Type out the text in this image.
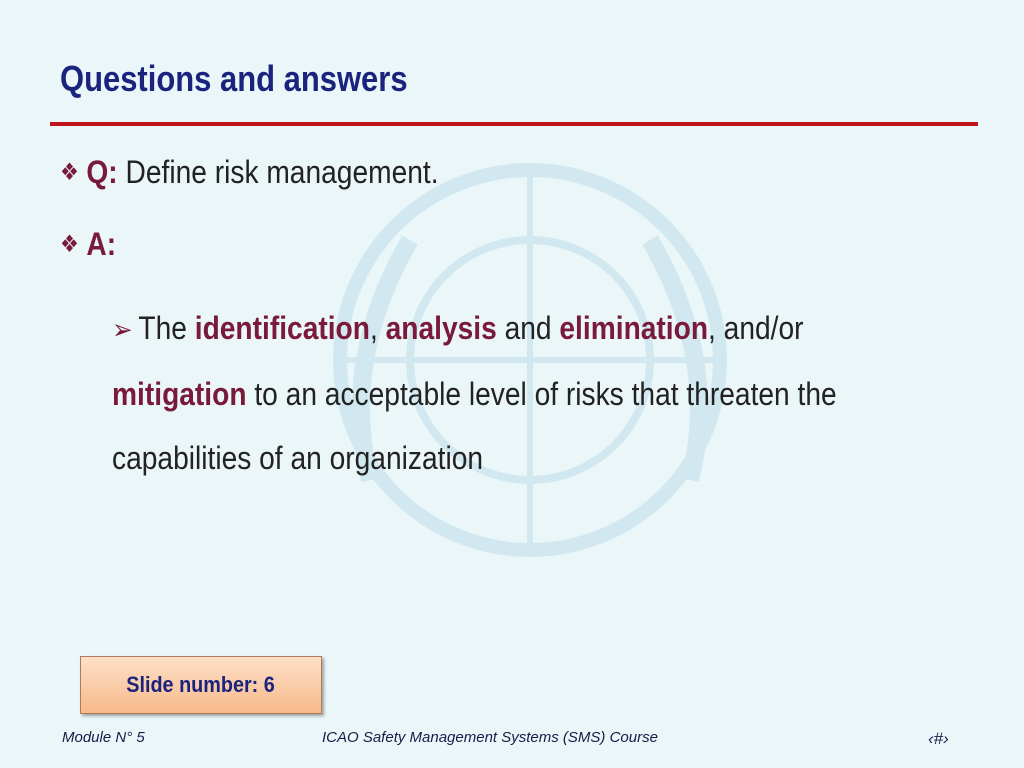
Questions and answers
❖ Q: Define risk management.
❖ A:
➢ The identification, analysis and elimination, and/or mitigation to an acceptable level of risks that threaten the capabilities of an organization
Slide number: 6
Module N° 5	ICAO Safety Management Systems (SMS) Course	‹#›
